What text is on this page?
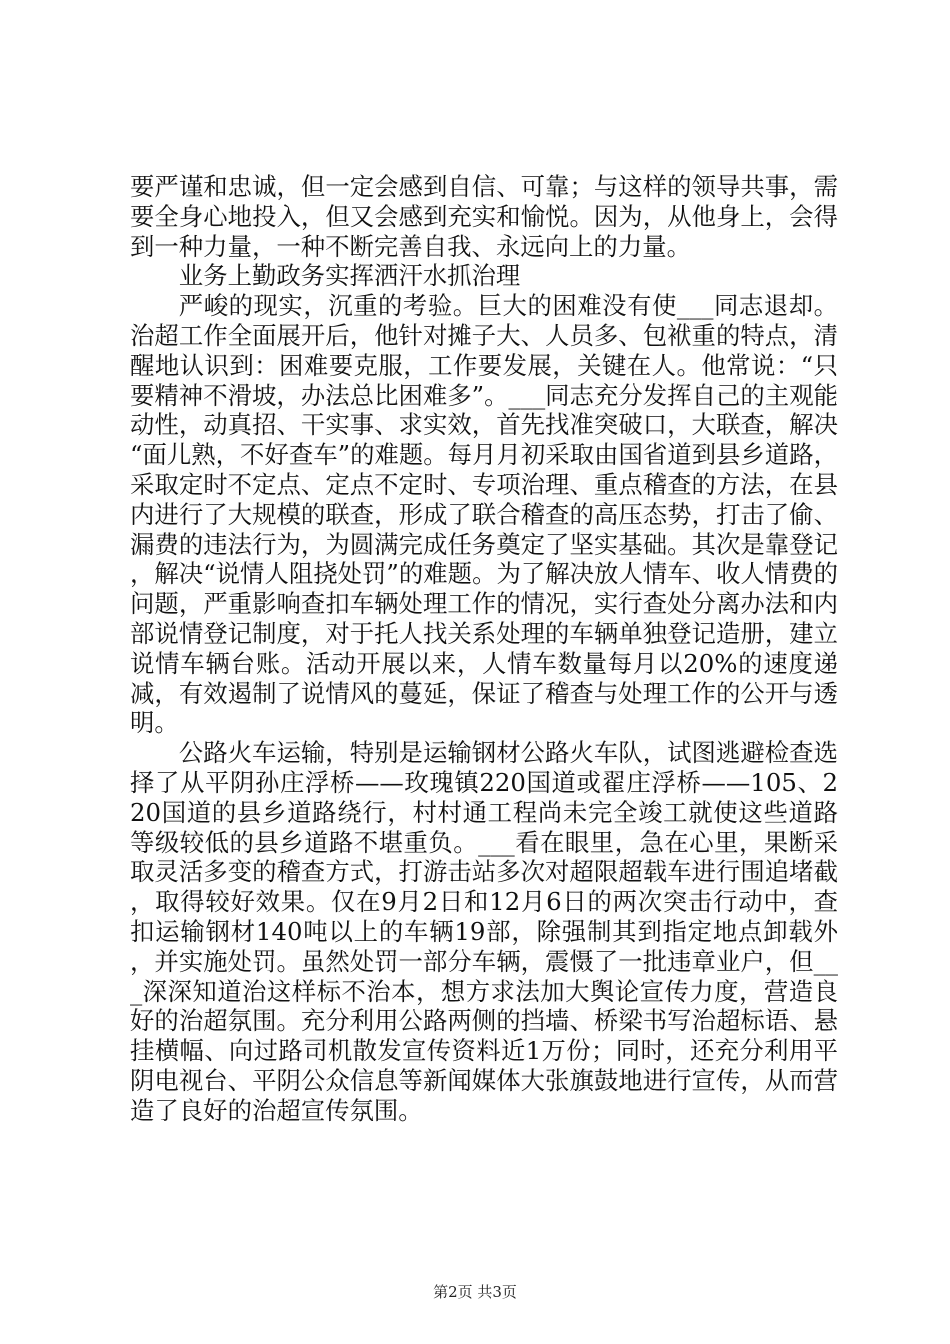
要严谨和忠诚，但一定会感到自信、可靠；与这样的领导共事，需要全身心地投入，但又会感到充实和愉悦。因为，从他身上，会得到一种力量，一种不断完善自我、永远向上的力量。

业务上勤政务实挥洒汗水抓治理

严峻的现实，沉重的考验。巨大的困难没有使___同志退却。治超工作全面展开后，他针对摊子大、人员多、包袱重的特点，清醒地认识到：困难要克服，工作要发展，关键在人。他常说：“只要精神不滑坡，办法总比困难多”。___同志充分发挥自己的主观能动性，动真招、干实事、求实效，首先找准突破口，大联查，解决“面儿熟，不好查车”的难题。每月月初采取由国省道到县乡道路，采取定时不定点、定点不定时、专项治理、重点稽查的方法，在县内进行了大规模的联查，形成了联合稽查的高压态势，打击了偷、漏费的违法行为，为圆满完成任务奠定了坚实基础。其次是靠登记，解决“说情人阻挠处罚”的难题。为了解决放人情车、收人情费的问题，严重影响查扣车辆处理工作的情况，实行查处分离办法和内部说情登记制度，对于托人找关系处理的车辆单独登记造册，建立说情车辆台账。活动开展以来，人情车数量每月以20%的速度递减，有效遏制了说情风的蔓延，保证了稽查与处理工作的公开与透明。

公路火车运输，特别是运输钢材公路火车队，试图逃避检查选择了从平阴孙庄浮桥——玫瑰镇220国道或翟庄浮桥——105、220国道的县乡道路绕行，村村通工程尚未完全竣工就使这些道路等级较低的县乡道路不堪重负。___看在眼里，急在心里，果断采取灵活多变的稽查方式，打游击站多次对超限超载车进行围追堵截，取得较好效果。仅在9月2日和12月6日的两次突击行动中，查扣运输钢材140吨以上的车辆19部，除强制其到指定地点卸载外，并实施处罚。虽然处罚一部分车辆，震慑了一批违章业户，但___深深知道治这样标不治本，想方求法加大舆论宣传力度，营造良好的治超氛围。充分利用公路两侧的挡墙、桥梁书写治超标语、悬挂横幅、向过路司机散发宣传资料近1万份；同时，还充分利用平阴电视台、平阴公众信息等新闻媒体大张旗鼓地进行宣传，从而营造了良好的治超宣传氛围。

第2页 共3页
